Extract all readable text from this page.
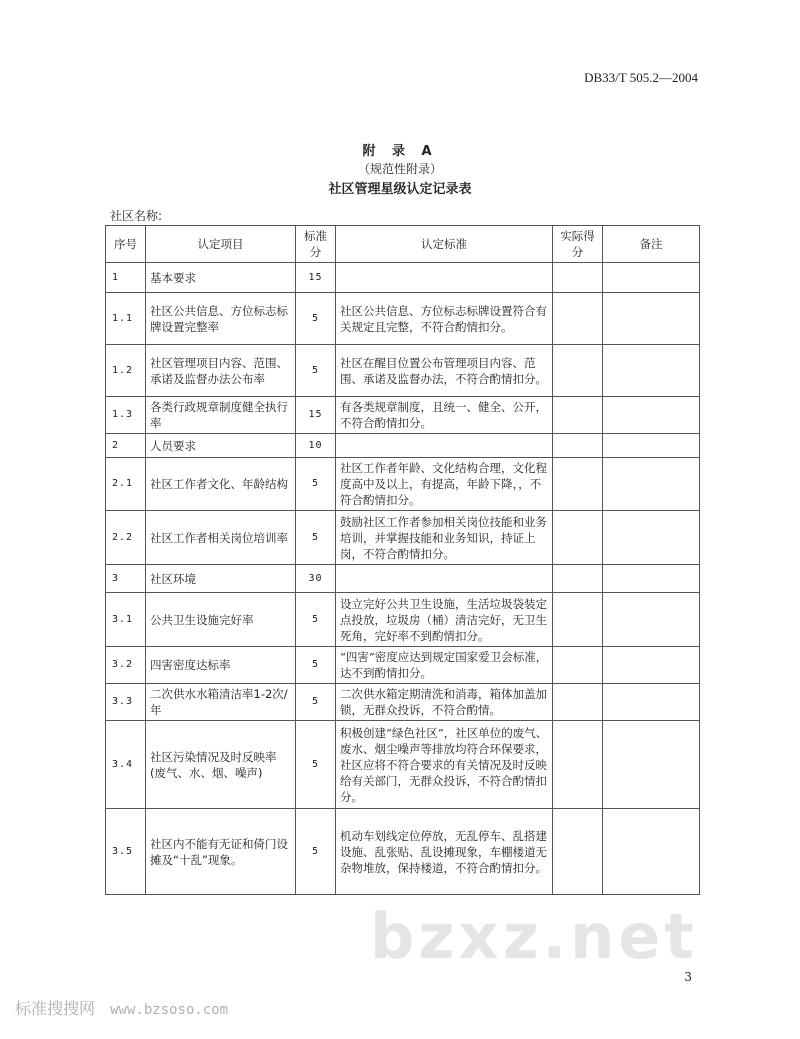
DB33/T 505.2—2004
附 录 A
（规范性附录）
社区管理星级认定记录表
社区名称:
序号	认定项目	标准分	认定标准	实际得分	备注
1	基本要求	15			
1.1	社区公共信息、方位标志标牌设置完整率	5	社区公共信息、方位标志标牌设置符合有关规定且完整，不符合酌情扣分。		
1.2	社区管理项目内容、范围、承诺及监督办法公布率	5	社区在醒目位置公布管理项目内容、范围、承诺及监督办法，不符合酌情扣分。		
1.3	各类行政规章制度健全执行率	15	有各类规章制度，且统一、健全、公开，不符合酌情扣分。		
2	人员要求	10			
2.1	社区工作者文化、年龄结构	5	社区工作者年龄、文化结构合理，文化程度高中及以上，有提高，年龄下降，，不符合酌情扣分。		
2.2	社区工作者相关岗位培训率	5	鼓励社区工作者参加相关岗位技能和业务培训，并掌握技能和业务知识，持证上岗，不符合酌情扣分。		
3	社区环境	30			
3.1	公共卫生设施完好率	5	设立完好公共卫生设施，生活垃圾袋装定点投放，垃圾房（桶）清洁完好，无卫生死角，完好率不到酌情扣分。		
3.2	四害密度达标率	5	“四害”密度应达到规定国家爱卫会标准，达不到酌情扣分。		
3.3	二次供水水箱清洁率1-2次/年	5	二次供水箱定期清洗和消毒，箱体加盖加锁，无群众投诉，不符合酌情。		
3.4	社区污染情况及时反映率(废气、水、烟、噪声)	5	积极创建“绿色社区”，社区单位的废气、废水、烟尘噪声等排放均符合环保要求，社区应将不符合要求的有关情况及时反映给有关部门，无群众投诉，不符合酌情扣分。		
3.5	社区内不能有无证和倚门设摊及“十乱”现象。	5	机动车划线定位停放，无乱停车、乱搭建设施、乱张贴、乱设摊现象，车棚楼道无杂物堆放，保持楼道，不符合酌情扣分。		
3
bzxz.net
标准搜搜网 www.bzsoso.com
